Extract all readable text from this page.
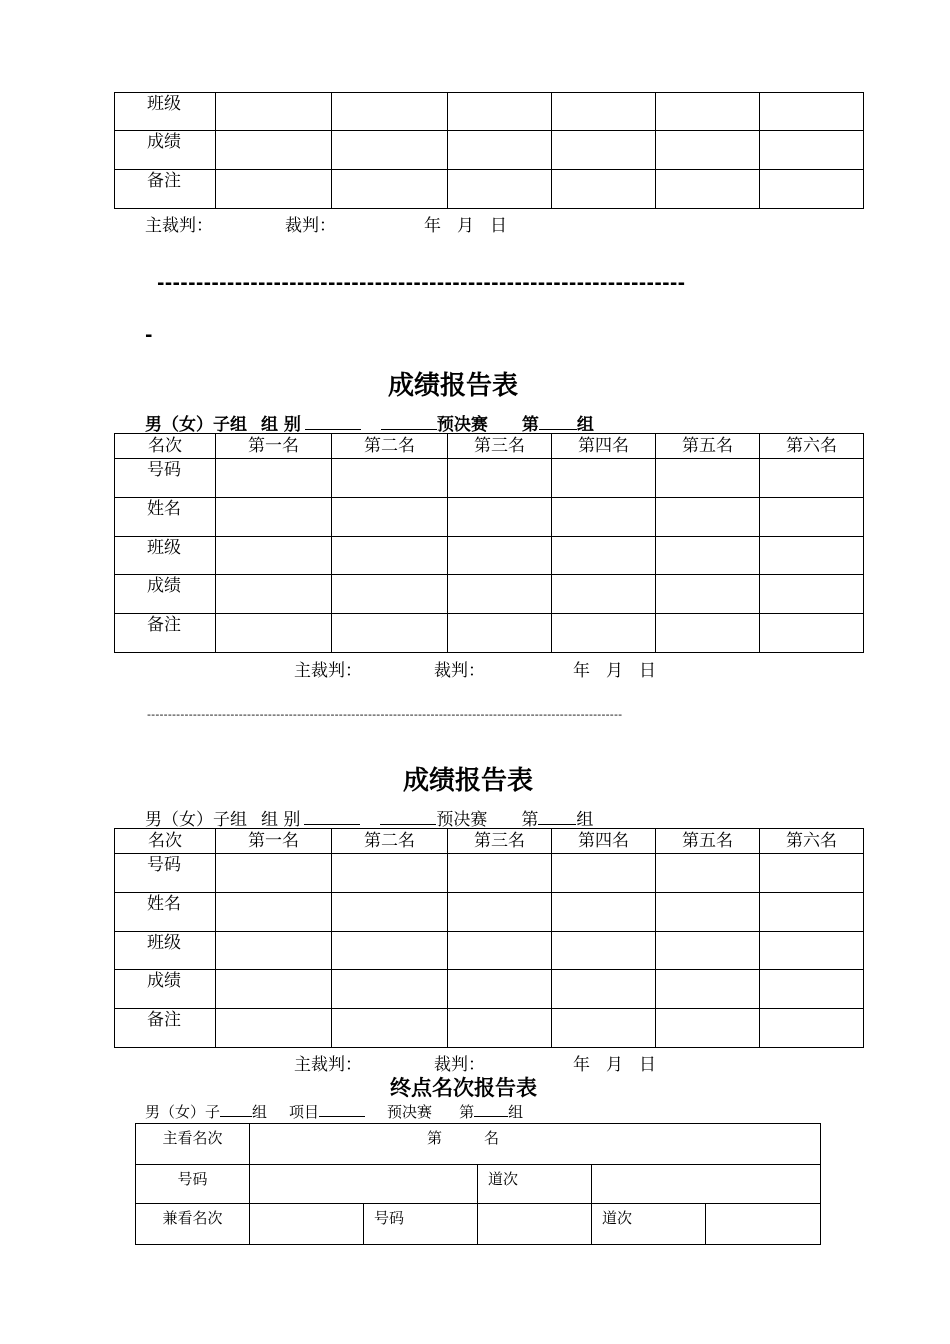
班级						
成绩						
备注						
主裁判：	裁判：	年 月 日
--------------------------------------------------------------------
-
成绩报告表
男（女）子组 组 别	预决赛 第 组
名次	第一名	第二名	第三名	第四名	第五名	第六名
号码						
姓名						
班级						
成绩						
备注						
主裁判：	裁判：	年 月 日
------------------------------------------------------------------------------------------------------------------
成绩报告表
男（女）子组 组 别	预决赛 第 组
名次	第一名	第二名	第三名	第四名	第五名	第六名
号码						
姓名						
班级						
成绩						
备注						
主裁判：	裁判：	年 月 日
终点名次报告表
男（女）子 组 项目	预决赛 第 组
主看名次	第 名				
号码			道次		
兼看名次		号码		道次	
